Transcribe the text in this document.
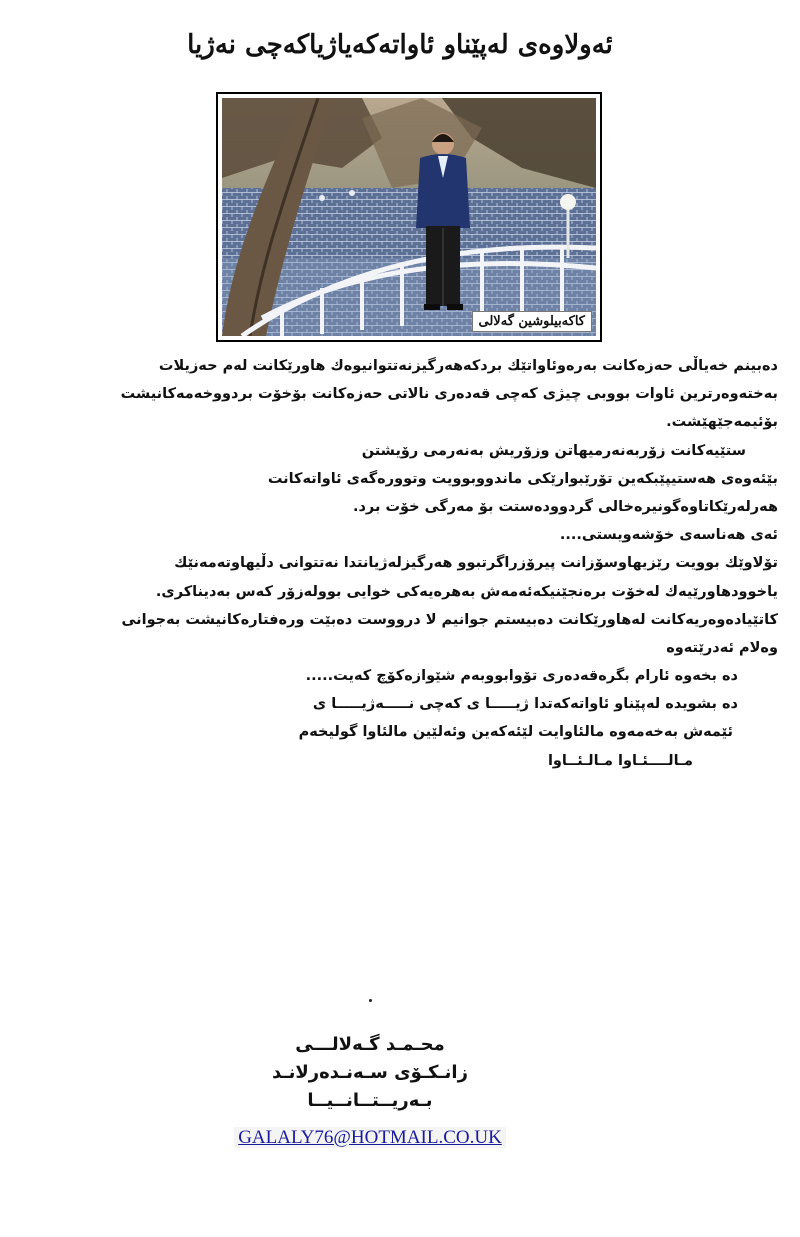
ئەولاوەی لەپێناو ئاواتەکەیاژیاکەچی نەژیا
کاکەبیلوشین گەلالی
دەبینم خەیاڵی حەزەکانت بەرەوئاواتێك بردکەهەرگیزنەتتوانیوەك هاورێکانت لەم حەزیلات
بەختەوەرترین ئاوات بووبی چیژی کەچی قەدەری نالاتی حەزەکانت بۆخۆت بردووخەمەکانیشت
بۆئیمەجێهێشت.
ستێیەکانت زۆربەنەرمیهاتن وزۆریش بەنەرمی رۆیشتن
بێئەوەی هەستیپێبکەین تۆرێبوارێکی ماندووبوویت وتوورەگەی ئاواتەکانت
هەرلەرێکاتاوەگونیرەخالی گردوودەستت بۆ مەرگی خۆت برد.
ئەی هەناسەی خۆشەویستی....
تۆلاوێك بوویت رێزیهاوسۆزانت پیرۆزراگرتبوو هەرگیزلەژیانتدا نەتتوانی دڵیهاوتەمەنێك
یاخوودهاورێیەك لەخۆت برەنجێنیکەئەمەش بەهرەیەکی خوایی بوولەزۆر کەس بەدیناکری.
کاتێیادەوەریەکانت لەهاورێکانت دەبیستم جوانیم لا درووست دەبێت ورەفتارەکانیشت بەجوانی
وەلام ئەدرێتەوە
دە بخەوە ئارام بگرەقەدەری تۆوابووبەم شێوازەکۆچ کەیت.....
دە بشویدە لەپێناو ئاواتەکەتدا ژیـــــا ی کەچی نـــــەژیـــــا ی
ئێمەش بەخەمەوە مالئاوایت لێئەکەین وئەلێین مالئاوا گولیخەم
مـالــــئـاوا مـالـئــاوا
محـمـد گـەلالـــی
زانـکـۆی سـەنـدەرلانـد
بـەریــتــانــیــا
GALALY76@HOTMAIL.CO.UK
